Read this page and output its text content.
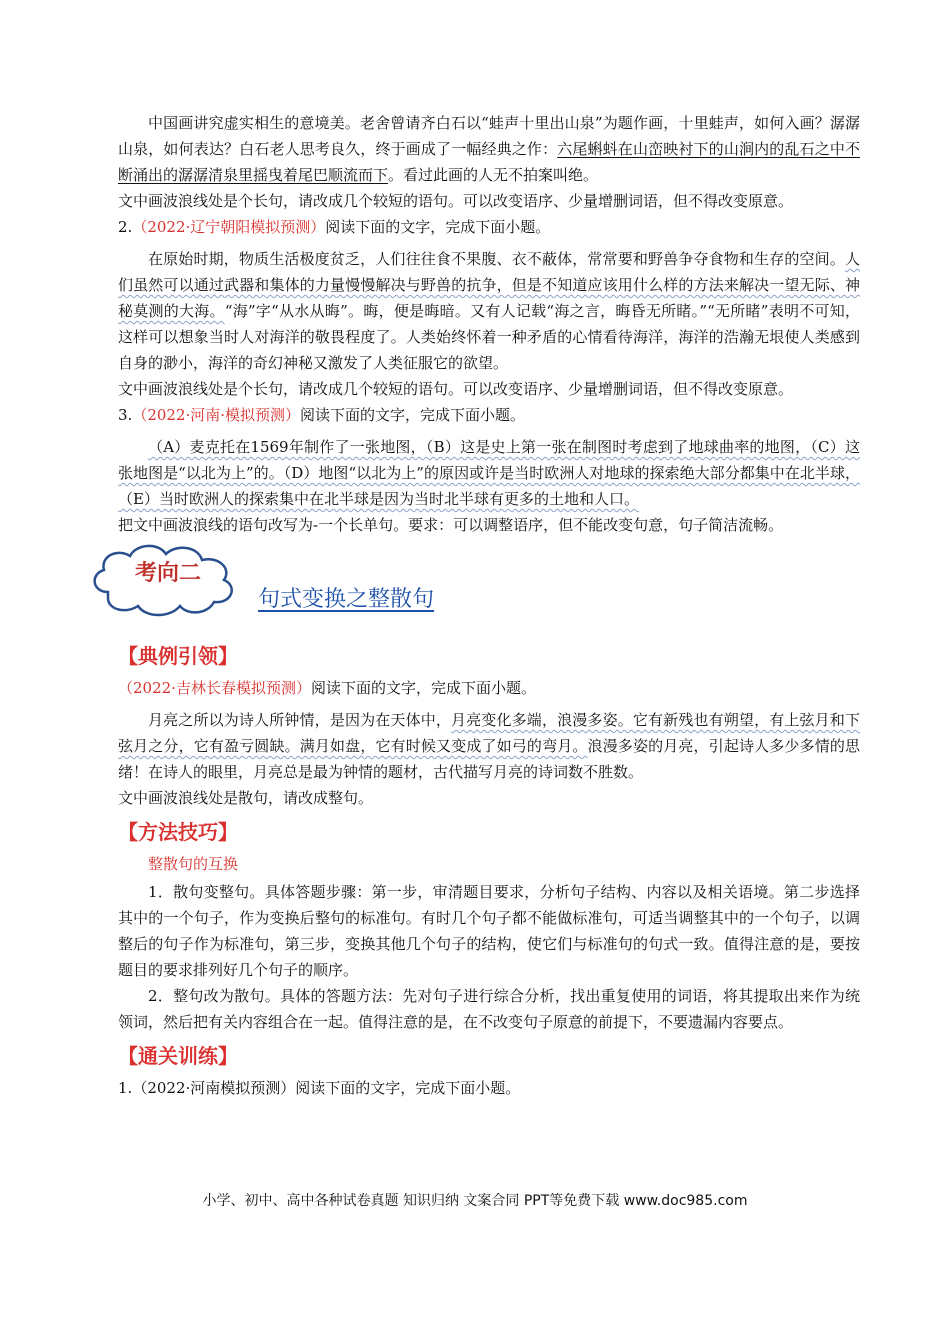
中国画讲究虚实相生的意境美。老舍曾请齐白石以“蛙声十里出山泉”为题作画，十里蛙声，如何入画？潺潺山泉，如何表达？白石老人思考良久，终于画成了一幅经典之作：六尾蝌蚪在山峦映衬下的山涧内的乱石之中不断涌出的潺潺清泉里摇曳着尾巴顺流而下。看过此画的人无不拍案叫绝。

文中画波浪线处是个长句，请改成几个较短的语句。可以改变语序、少量增删词语，但不得改变原意。

2.（2022·辽宁朝阳模拟预测）阅读下面的文字，完成下面小题。

在原始时期，物质生活极度贫乏，人们往往食不果腹、衣不蔽体，常常要和野兽争夺食物和生存的空间。人们虽然可以通过武器和集体的力量慢慢解决与野兽的抗争，但是不知道应该用什么样的方法来解决一望无际、神秘莫测的大海。“海”字“从水从晦”。晦，便是晦暗。又有人记载“海之言，晦昏无所睹。”“无所睹”表明不可知，这样可以想象当时人对海洋的敬畏程度了。人类始终怀着一种矛盾的心情看待海洋，海洋的浩瀚无垠使人类感到自身的渺小，海洋的奇幻神秘又激发了人类征服它的欲望。

文中画波浪线处是个长句，请改成几个较短的语句。可以改变语序、少量增删词语，但不得改变原意。

3.（2022·河南·模拟预测）阅读下面的文字，完成下面小题。

（A）麦克托在1569年制作了一张地图，（B）这是史上第一张在制图时考虑到了地球曲率的地图，（C）这张地图是“以北为上”的。（D）地图“以北为上”的原因或许是当时欧洲人对地球的探索绝大部分都集中在北半球，（E）当时欧洲人的探索集中在北半球是因为当时北半球有更多的土地和人口。

把文中画波浪线的语句改写为-一个长单句。要求：可以调整语序，但不能改变句意，句子简洁流畅。

考向二
句式变换之整散句
【典例引领】

（2022·吉林长春模拟预测）阅读下面的文字，完成下面小题。

月亮之所以为诗人所钟情，是因为在天体中，月亮变化多端，浪漫多姿。它有新残也有朔望，有上弦月和下弦月之分，它有盈亏圆缺。满月如盘，它有时候又变成了如弓的弯月。浪漫多姿的月亮，引起诗人多少多情的思绪！在诗人的眼里，月亮总是最为钟情的题材，古代描写月亮的诗词数不胜数。

文中画波浪线处是散句，请改成整句。

【方法技巧】

整散句的互换

1．散句变整句。具体答题步骤：第一步，审清题目要求，分析句子结构、内容以及相关语境。第二步选择其中的一个句子，作为变换后整句的标准句。有时几个句子都不能做标准句，可适当调整其中的一个句子，以调整后的句子作为标准句，第三步，变换其他几个句子的结构，使它们与标准句的句式一致。值得注意的是，要按题目的要求排列好几个句子的顺序。

2．整句改为散句。具体的答题方法：先对句子进行综合分析，找出重复使用的词语，将其提取出来作为统领词，然后把有关内容组合在一起。值得注意的是，在不改变句子原意的前提下，不要遗漏内容要点。

【通关训练】

1.（2022·河南模拟预测）阅读下面的文字，完成下面小题。

小学、初中、高中各种试卷真题 知识归纳 文案合同 PPT等免费下载 www.doc985.com
